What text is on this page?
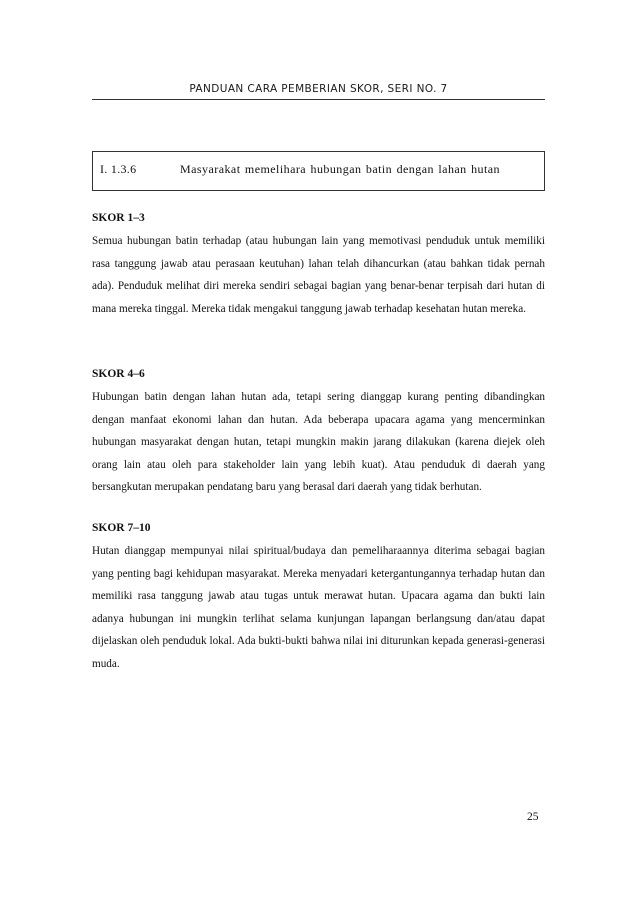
PANDUAN CARA PEMBERIAN SKOR, SERI NO. 7
I. 1.3.6	Masyarakat memelihara hubungan batin dengan lahan hutan
SKOR 1–3

Semua hubungan batin terhadap (atau hubungan lain yang memotivasi penduduk untuk memiliki rasa tanggung jawab atau perasaan keutuhan) lahan telah dihancurkan (atau bahkan tidak pernah ada). Penduduk melihat diri mereka sendiri sebagai bagian yang benar-benar terpisah dari hutan di mana mereka tinggal. Mereka tidak mengakui tanggung jawab terhadap kesehatan hutan mereka.

SKOR 4–6

Hubungan batin dengan lahan hutan ada, tetapi sering dianggap kurang penting dibandingkan dengan manfaat ekonomi lahan dan hutan. Ada beberapa upacara agama yang mencerminkan hubungan masyarakat dengan hutan, tetapi mungkin makin jarang dilakukan (karena diejek oleh orang lain atau oleh para stakeholder lain yang lebih kuat). Atau penduduk di daerah yang bersangkutan merupakan pendatang baru yang berasal dari daerah yang tidak berhutan.

SKOR 7–10

Hutan dianggap mempunyai nilai spiritual/budaya dan pemeliharaannya diterima sebagai bagian yang penting bagi kehidupan masyarakat. Mereka menyadari ketergantungannya terhadap hutan dan memiliki rasa tanggung jawab atau tugas untuk merawat hutan. Upacara agama dan bukti lain adanya hubungan ini mungkin terlihat selama kunjungan lapangan berlangsung dan/atau dapat dijelaskan oleh penduduk lokal. Ada bukti-bukti bahwa nilai ini diturunkan kepada generasi-generasi muda.

25
